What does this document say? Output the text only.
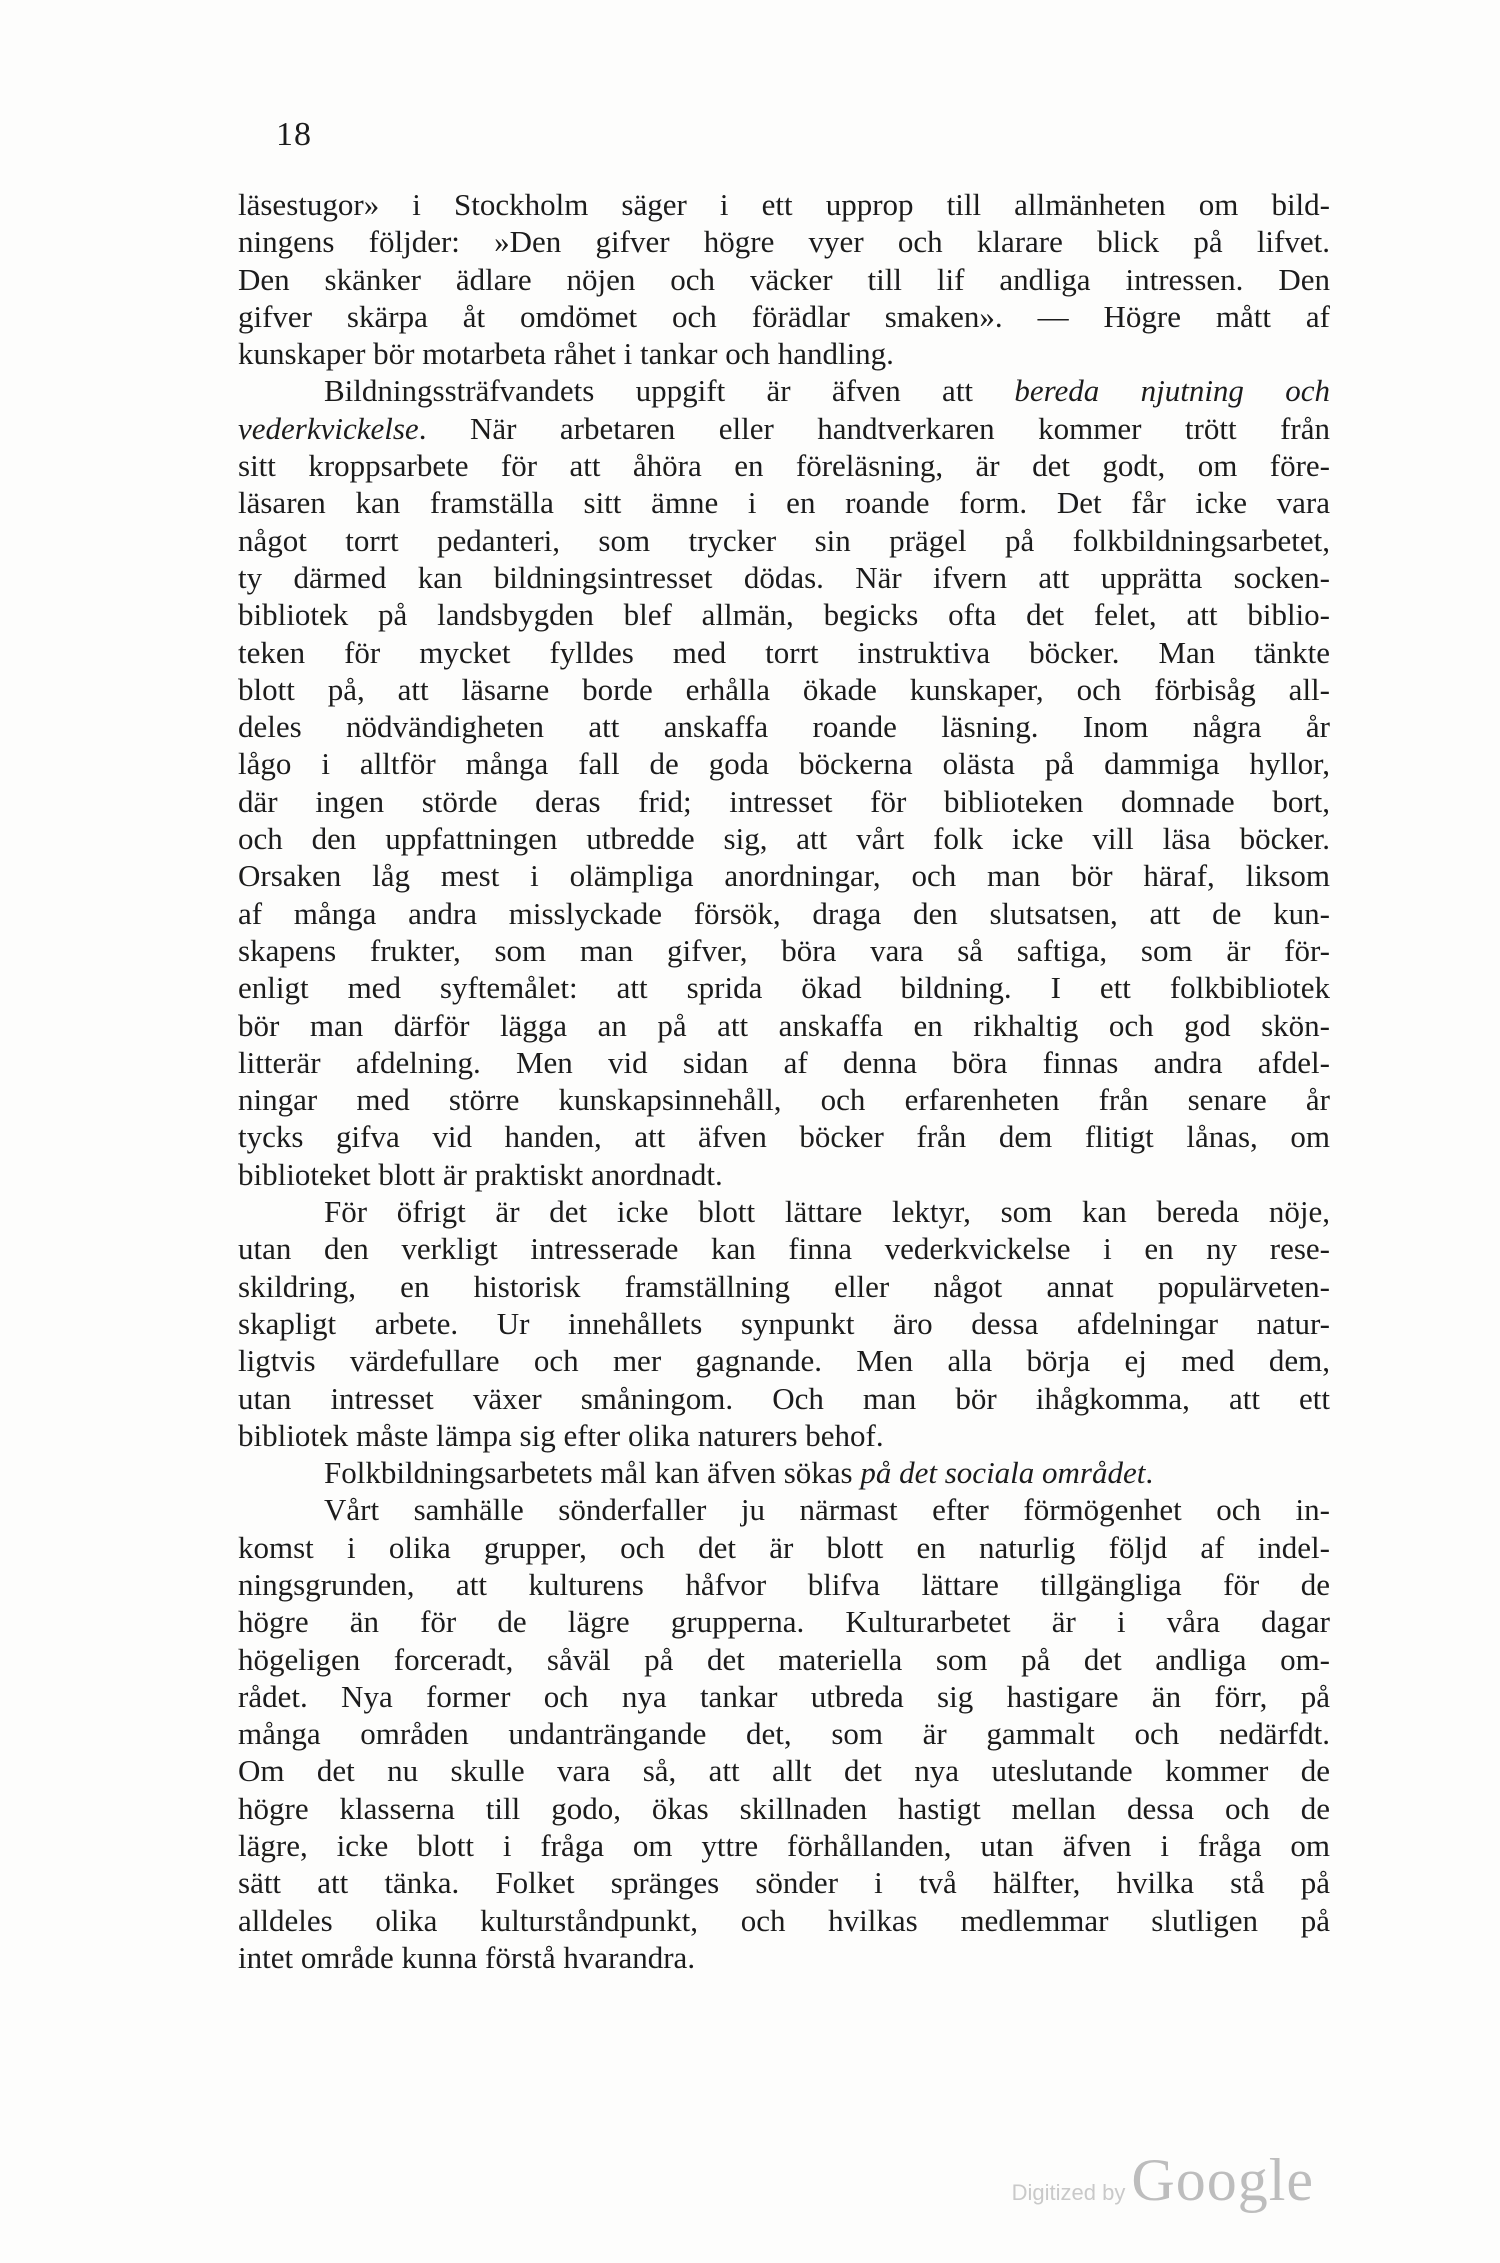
18
läsestugor» i Stockholm säger i ett upprop till allmänheten om bild-
ningens följder: »Den gifver högre vyer och klarare blick på lifvet.
Den skänker ädlare nöjen och väcker till lif andliga intressen. Den
gifver skärpa åt omdömet och förädlar smaken». — Högre mått af
kunskaper bör motarbeta råhet i tankar och handling.
Bildningssträfvandets uppgift är äfven att bereda njutning och
vederkvickelse. När arbetaren eller handtverkaren kommer trött från
sitt kroppsarbete för att åhöra en föreläsning, är det godt, om före-
läsaren kan framställa sitt ämne i en roande form. Det får icke vara
något torrt pedanteri, som trycker sin prägel på folkbildningsarbetet,
ty därmed kan bildningsintresset dödas. När ifvern att upprätta socken-
bibliotek på landsbygden blef allmän, begicks ofta det felet, att biblio-
teken för mycket fylldes med torrt instruktiva böcker. Man tänkte
blott på, att läsarne borde erhålla ökade kunskaper, och förbisåg all-
deles nödvändigheten att anskaffa roande läsning. Inom några år
lågo i alltför många fall de goda böckerna olästa på dammiga hyllor,
där ingen störde deras frid; intresset för biblioteken domnade bort,
och den uppfattningen utbredde sig, att vårt folk icke vill läsa böcker.
Orsaken låg mest i olämpliga anordningar, och man bör häraf, liksom
af många andra misslyckade försök, draga den slutsatsen, att de kun-
skapens frukter, som man gifver, böra vara så saftiga, som är för-
enligt med syftemålet: att sprida ökad bildning. I ett folkbibliotek
bör man därför lägga an på att anskaffa en rikhaltig och god skön-
litterär afdelning. Men vid sidan af denna böra finnas andra afdel-
ningar med större kunskapsinnehåll, och erfarenheten från senare år
tycks gifva vid handen, att äfven böcker från dem flitigt lånas, om
biblioteket blott är praktiskt anordnadt.
För öfrigt är det icke blott lättare lektyr, som kan bereda nöje,
utan den verkligt intresserade kan finna vederkvickelse i en ny rese-
skildring, en historisk framställning eller något annat populärveten-
skapligt arbete. Ur innehållets synpunkt äro dessa afdelningar natur-
ligtvis värdefullare och mer gagnande. Men alla börja ej med dem,
utan intresset växer småningom. Och man bör ihågkomma, att ett
bibliotek måste lämpa sig efter olika naturers behof.
Folkbildningsarbetets mål kan äfven sökas på det sociala området.
Vårt samhälle sönderfaller ju närmast efter förmögenhet och in-
komst i olika grupper, och det är blott en naturlig följd af indel-
ningsgrunden, att kulturens håfvor blifva lättare tillgängliga för de
högre än för de lägre grupperna. Kulturarbetet är i våra dagar
högeligen forceradt, såväl på det materiella som på det andliga om-
rådet. Nya former och nya tankar utbreda sig hastigare än förr, på
många områden undanträngande det, som är gammalt och nedärfdt.
Om det nu skulle vara så, att allt det nya uteslutande kommer de
högre klasserna till godo, ökas skillnaden hastigt mellan dessa och de
lägre, icke blott i fråga om yttre förhållanden, utan äfven i fråga om
sätt att tänka. Folket spränges sönder i två hälfter, hvilka stå på
alldeles olika kulturståndpunkt, och hvilkas medlemmar slutligen på
intet område kunna förstå hvarandra.
Digitized by Google
